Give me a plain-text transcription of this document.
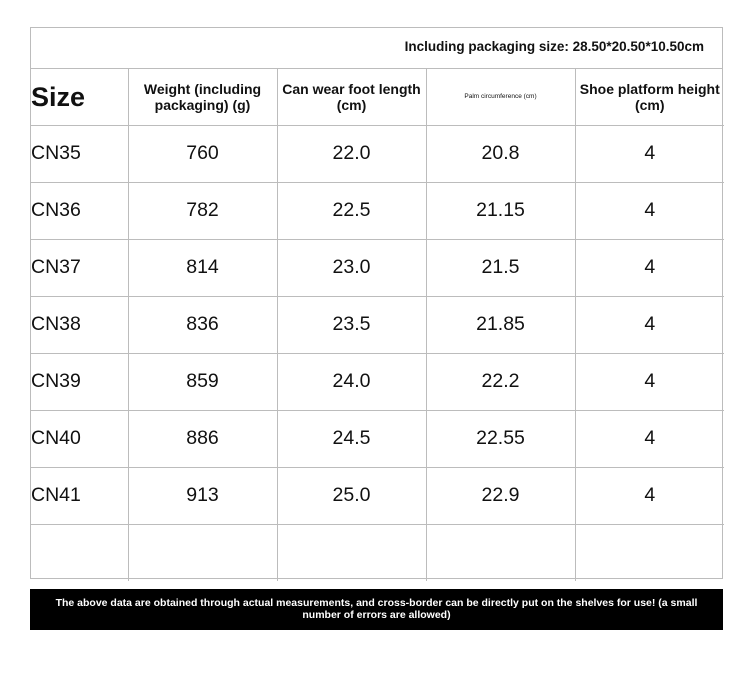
Including packaging size: 28.50*20.50*10.50cm
Size	Weight (including packaging) (g)	Can wear foot length (cm)	Palm circumference (cm)	Shoe platform height (cm)
CN35	760	22.0	20.8	4
CN36	782	22.5	21.15	4
CN37	814	23.0	21.5	4
CN38	836	23.5	21.85	4
CN39	859	24.0	22.2	4
CN40	886	24.5	22.55	4
CN41	913	25.0	22.9	4

The above data are obtained through actual measurements, and cross-border can be directly put on the shelves for use! (a small number of errors are allowed)
